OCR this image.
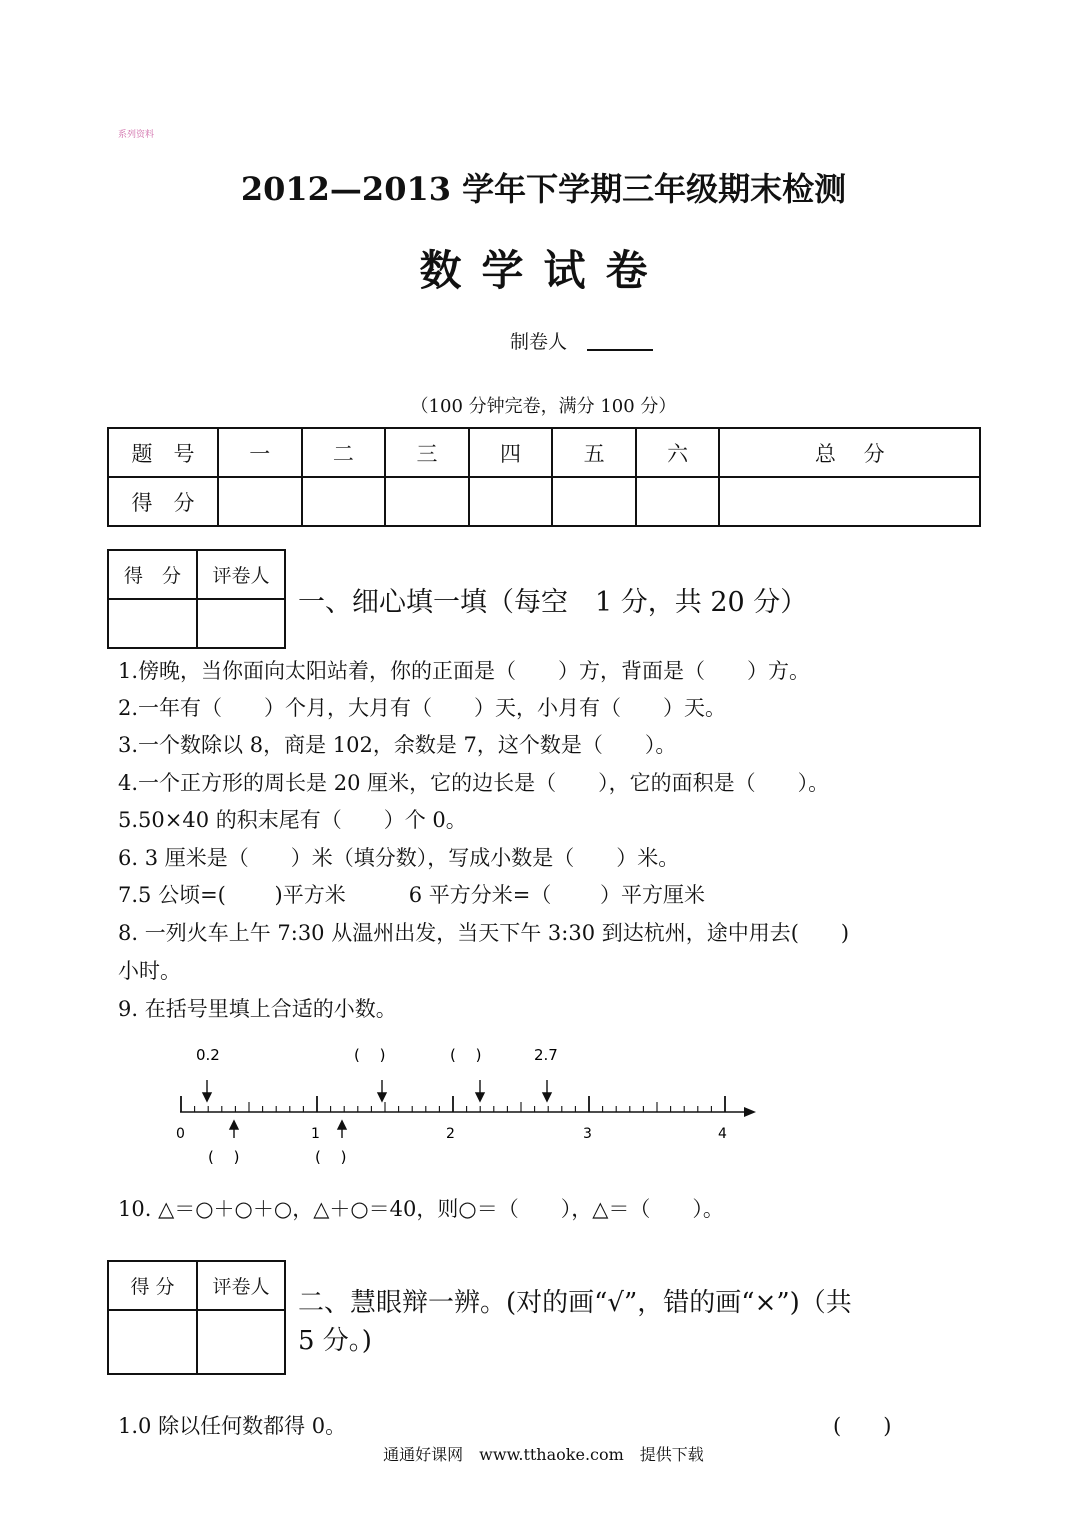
系列资料
2012—2013 学年下学期三年级期末检测
数学试卷
制卷人
（100 分钟完卷，满分 100 分）
题　号	一	二	三	四	五	六	总　 分
得　分							
得　分	评卷人

一、细心填一填（每空　1 分，共 20 分）
1.傍晚，当你面向太阳站着，你的正面是（　　）方，背面是（　　）方。
2.一年有（　　）个月，大月有（　　）天，小月有（　　）天。
3.一个数除以 8，商是 102，余数是 7，这个数是（　　）。
4.一个正方形的周长是 20 厘米，它的边长是（　　），它的面积是（　　）。
5.50×40 的积末尾有（　　）个 0。
6. 3 厘米是（　　）米（填分数），写成小数是（　　）米。
7.5 公顷=(　　 )平方米　　　6 平方分米=（　　 ）平方厘米
8. 一列火车上午 7:30 从温州出发，当天下午 3:30 到达杭州，途中用去(　　)
小时。
9. 在括号里填上合适的小数。
0	1	2	3	4
0.2	(　 )	(　 )	2.7
(　 )	(　 )
10. △＝○＋○＋○，△＋○＝40，则○＝（　　），△＝（　　）。
得 分	评卷人

二、慧眼辩一辨。(对的画“√”，错的画“×”)（共
5 分。)
1.0 除以任何数都得 0。	(　　)
通通好课网　www.tthaoke.com　提供下载
